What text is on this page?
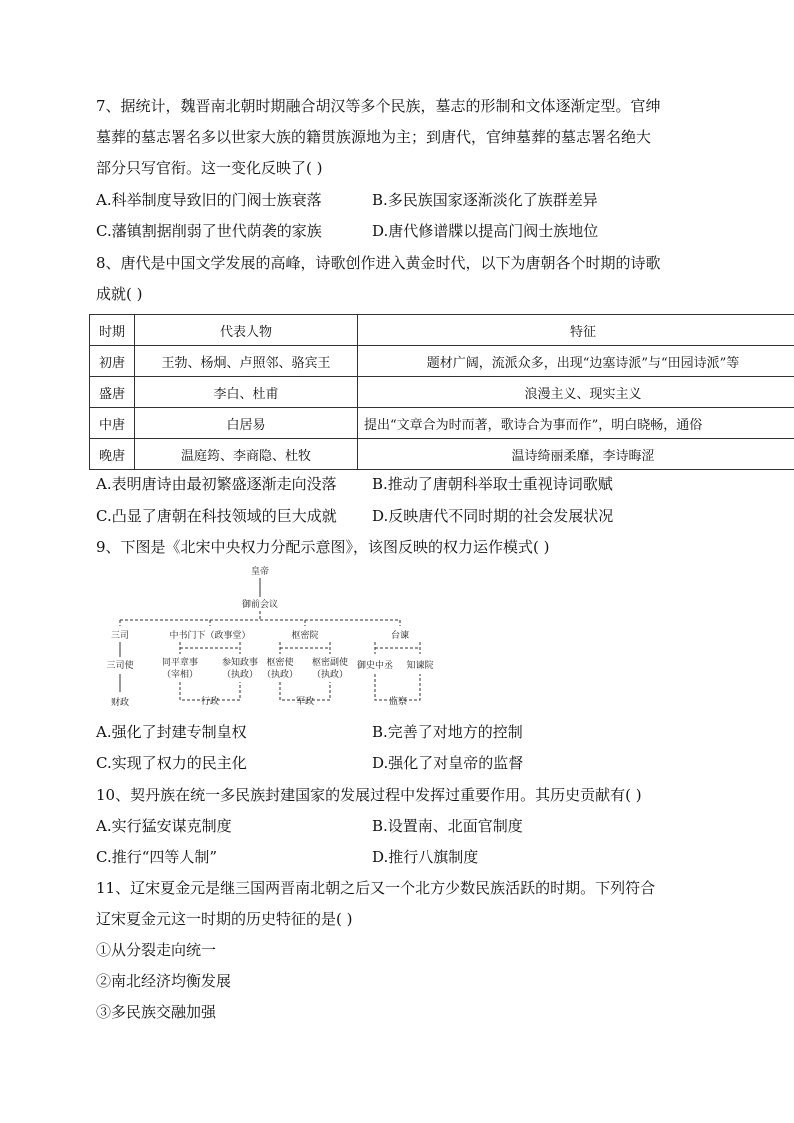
7、据统计，魏晋南北朝时期融合胡汉等多个民族，墓志的形制和文体逐渐定型。官绅
墓葬的墓志署名多以世家大族的籍贯族源地为主；到唐代，官绅墓葬的墓志署名绝大
部分只写官衔。这一变化反映了( )
A.科举制度导致旧的门阀士族衰落	B.多民族国家逐渐淡化了族群差异
C.藩镇割据削弱了世代荫袭的家族	D.唐代修谱牒以提高门阀士族地位
8、唐代是中国文学发展的高峰，诗歌创作进入黄金时代，以下为唐朝各个时期的诗歌
成就( )
时期	代表人物	特征
初唐	王勃、杨炯、卢照邻、骆宾王	题材广阔，流派众多，出现“边塞诗派”与“田园诗派”等
盛唐	李白、杜甫	浪漫主义、现实主义
中唐	白居易	提出“文章合为时而著，歌诗合为事而作”，明白晓畅，通俗
晚唐	温庭筠、李商隐、杜牧	温诗绮丽柔靡，李诗晦涩
A.表明唐诗由最初繁盛逐渐走向没落 B.推动了唐朝科举取士重视诗词歌赋
C.凸显了唐朝在科技领域的巨大成就 D.反映唐代不同时期的社会发展状况
9、下图是《北宋中央权力分配示意图》，该图反映的权力运作模式( )
皇帝
御前会议
三司	中书门下（政事堂）	枢密院	台谏
三司使	同平章事
（宰相）
参知政事
（执政）
枢密使
（执政）
枢密副使
（执政）
御史中丞 知谏院
财政	行政	军政	监察
A.强化了封建专制皇权	B.完善了对地方的控制
C.实现了权力的民主化	D.强化了对皇帝的监督
10、契丹族在统一多民族封建国家的发展过程中发挥过重要作用。其历史贡献有( )
A.实行猛安谋克制度	B.设置南、北面官制度
C.推行“四等人制”	D.推行八旗制度
11、辽宋夏金元是继三国两晋南北朝之后又一个北方少数民族活跃的时期。下列符合
辽宋夏金元这一时期的历史特征的是( )
①从分裂走向统一
②南北经济均衡发展
③多民族交融加强
